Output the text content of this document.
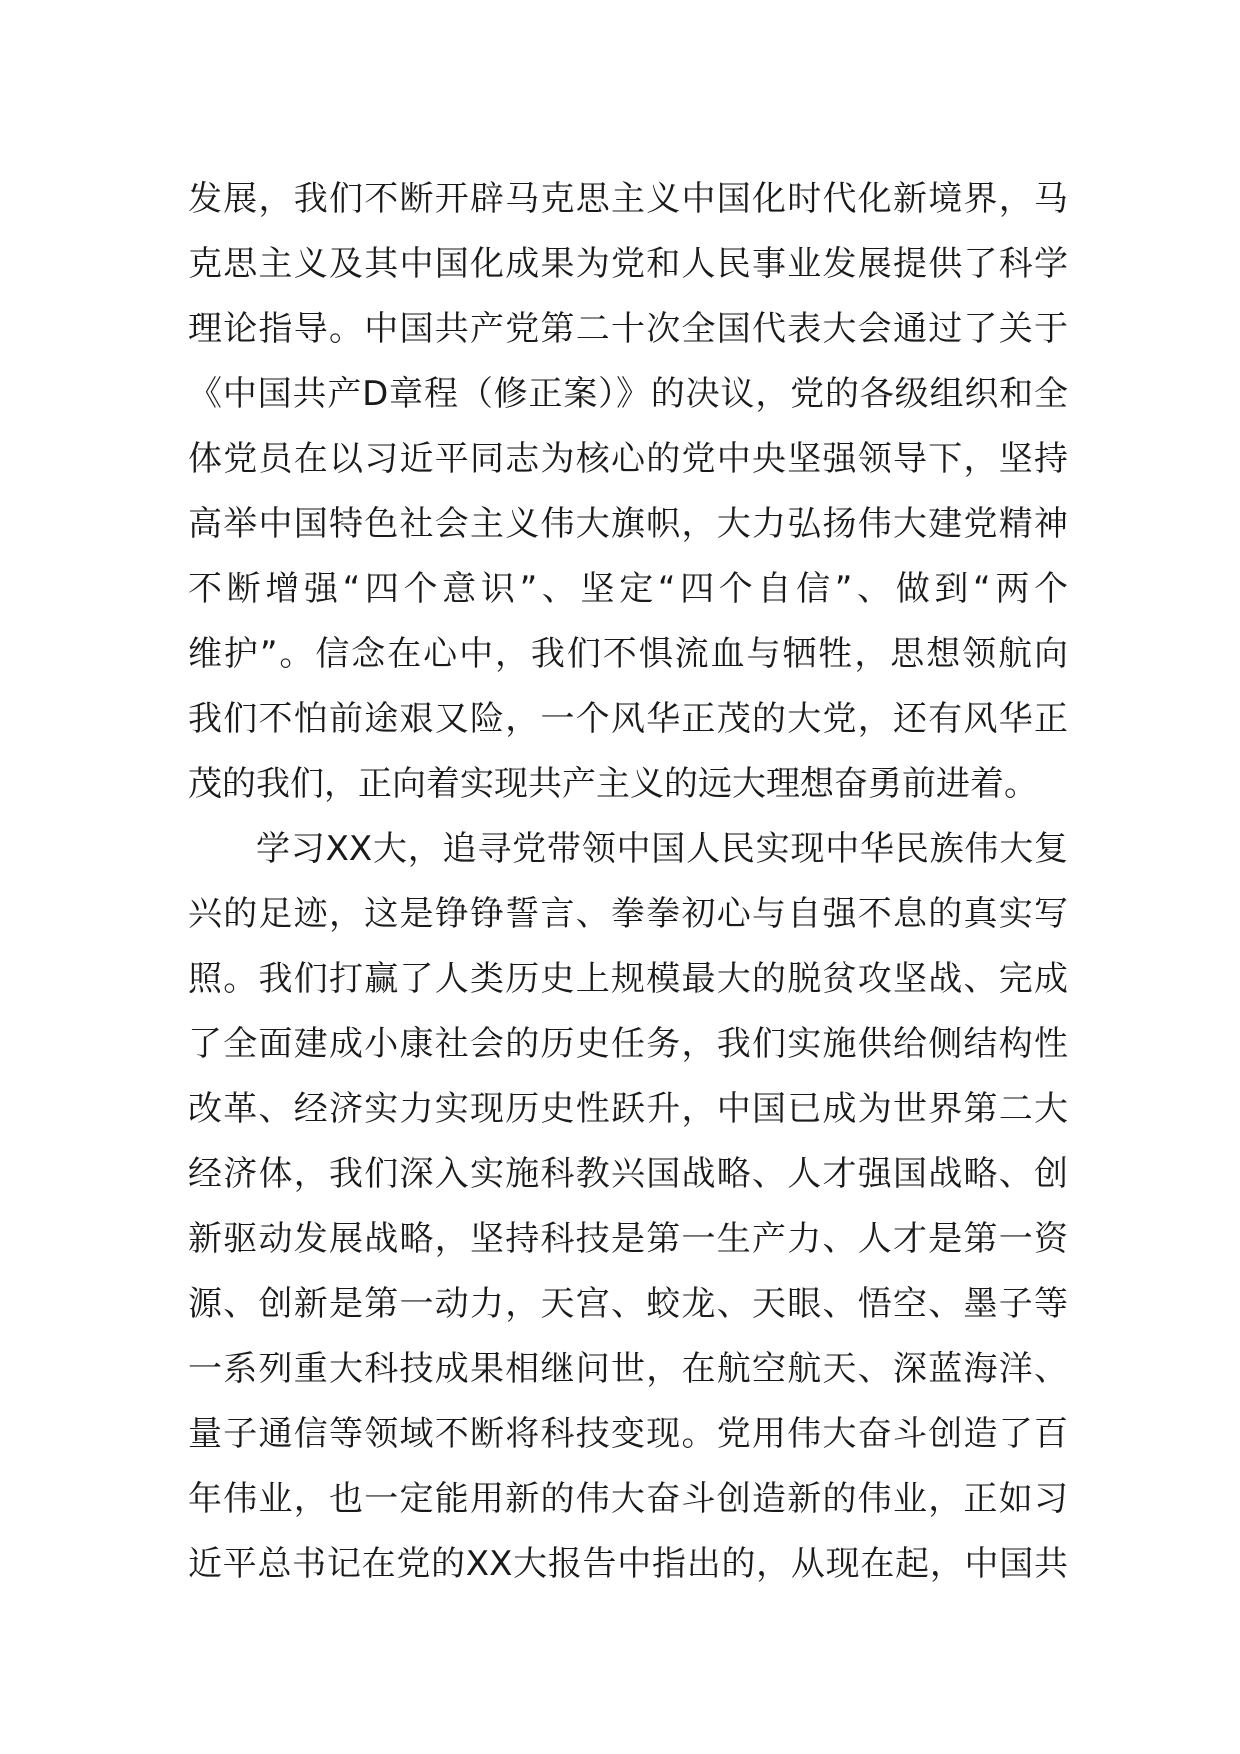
发展，我们不断开辟马克思主义中国化时代化新境界，马
克思主义及其中国化成果为党和人民事业发展提供了科学
理论指导。中国共产党第二十次全国代表大会通过了关于
《中国共产D章程（修正案）》的决议，党的各级组织和全
体党员在以习近平同志为核心的党中央坚强领导下，坚持
高举中国特色社会主义伟大旗帜，大力弘扬伟大建党精神
不断增强“四个意识”、坚定“四个自信”、做到“两个
维护”。信念在心中，我们不惧流血与牺牲，思想领航向
我们不怕前途艰又险，一个风华正茂的大党，还有风华正
茂的我们，正向着实现共产主义的远大理想奋勇前进着。
学习XX大，追寻党带领中国人民实现中华民族伟大复
兴的足迹，这是铮铮誓言、拳拳初心与自强不息的真实写
照。我们打赢了人类历史上规模最大的脱贫攻坚战、完成
了全面建成小康社会的历史任务，我们实施供给侧结构性
改革、经济实力实现历史性跃升，中国已成为世界第二大
经济体，我们深入实施科教兴国战略、人才强国战略、创
新驱动发展战略，坚持科技是第一生产力、人才是第一资
源、创新是第一动力，天宫、蛟龙、天眼、悟空、墨子等
一系列重大科技成果相继问世，在航空航天、深蓝海洋、
量子通信等领域不断将科技变现。党用伟大奋斗创造了百
年伟业，也一定能用新的伟大奋斗创造新的伟业，正如习
近平总书记在党的XX大报告中指出的，从现在起，中国共
